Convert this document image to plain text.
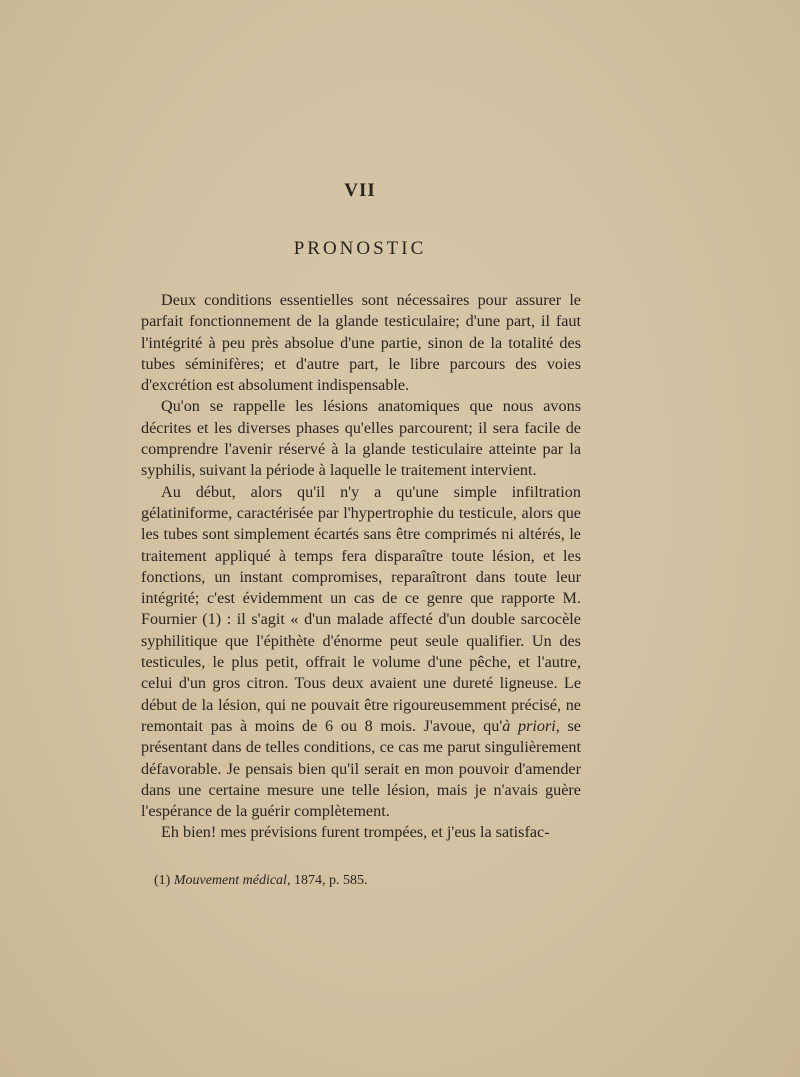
VII
PRONOSTIC

Deux conditions essentielles sont nécessaires pour assurer le parfait fonctionnement de la glande testiculaire; d'une part, il faut l'intégrité à peu près absolue d'une partie, sinon de la totalité des tubes séminifères; et d'autre part, le libre parcours des voies d'excrétion est absolument indispensable.

Qu'on se rappelle les lésions anatomiques que nous avons décrites et les diverses phases qu'elles parcourent; il sera facile de comprendre l'avenir réservé à la glande testiculaire atteinte par la syphilis, suivant la période à laquelle le traitement intervient.

Au début, alors qu'il n'y a qu'une simple infiltration gélatiniforme, caractérisée par l'hypertrophie du testicule, alors que les tubes sont simplement écartés sans être comprimés ni altérés, le traitement appliqué à temps fera disparaître toute lésion, et les fonctions, un instant compromises, reparaîtront dans toute leur intégrité; c'est évidemment un cas de ce genre que rapporte M. Fournier (1) : il s'agit « d'un malade affecté d'un double sarcocèle syphilitique que l'épithète d'énorme peut seule qualifier. Un des testicules, le plus petit, offrait le volume d'une pêche, et l'autre, celui d'un gros citron. Tous deux avaient une dureté ligneuse. Le début de la lésion, qui ne pouvait être rigoureusemment précisé, ne remontait pas à moins de 6 ou 8 mois. J'avoue, qu'à priori, se présentant dans de telles conditions, ce cas me parut singulièrement défavorable. Je pensais bien qu'il serait en mon pouvoir d'amender dans une certaine mesure une telle lésion, mais je n'avais guère l'espérance de la guérir complètement.

Eh bien! mes prévisions furent trompées, et j'eus la satisfac-

(1) Mouvement médical, 1874, p. 585.
